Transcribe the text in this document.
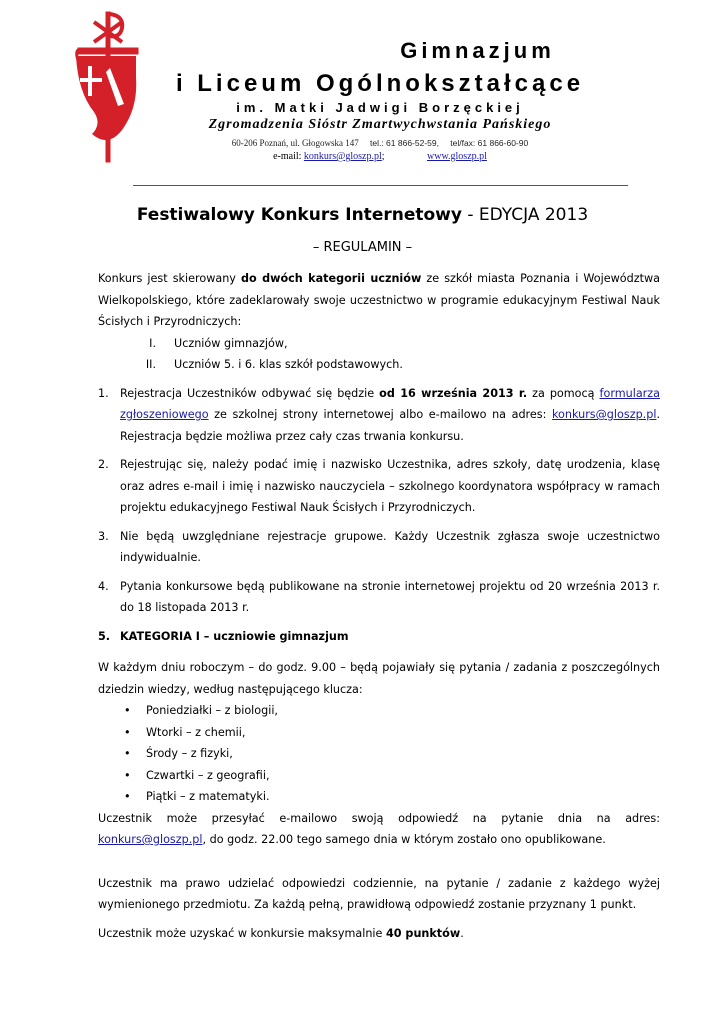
Gimnazjum
i Liceum Ogólnokształcące
im. Matki Jadwigi Borzęckiej
Zgromadzenia Sióstr Zmartwychwstania Pańskiego
60-206 Poznań, ul. Głogowska 147 tel.: 61 866-52-59, tel/fax: 61 866-60-90
e-mail: konkurs@gloszp.pl;	www.gloszp.pl
Festiwalowy Konkurs Internetowy - EDYCJA 2013
– REGULAMIN –

Konkurs jest skierowany do dwóch kategorii uczniów ze szkół miasta Poznania i Województwa Wielkopolskiego, które zadeklarowały swoje uczestnictwo w programie edukacyjnym Festiwal Nauk Ścisłych i Przyrodniczych:

I. Uczniów gimnazjów,
II. Uczniów 5. i 6. klas szkół podstawowych.
1. Rejestracja Uczestników odbywać się będzie od 16 września 2013 r. za pomocą formularza zgłoszeniowego ze szkolnej strony internetowej albo e-mailowo na adres: konkurs@gloszp.pl. Rejestracja będzie możliwa przez cały czas trwania konkursu.
2. Rejestrując się, należy podać imię i nazwisko Uczestnika, adres szkoły, datę urodzenia, klasę oraz adres e-mail i imię i nazwisko nauczyciela – szkolnego koordynatora współpracy w ramach projektu edukacyjnego Festiwal Nauk Ścisłych i Przyrodniczych.
3. Nie będą uwzględniane rejestracje grupowe. Każdy Uczestnik zgłasza swoje uczestnictwo indywidualnie.
4. Pytania konkursowe będą publikowane na stronie internetowej projektu od 20 września 2013 r. do 18 listopada 2013 r.
5. KATEGORIA I – uczniowie gimnazjum

W każdym dniu roboczym – do godz. 9.00 – będą pojawiały się pytania / zadania z poszczególnych dziedzin wiedzy, według następującego klucza:

• Poniedziałki – z biologii,
• Wtorki – z chemii,
• Środy – z fizyki,
• Czwartki – z geografii,
• Piątki – z matematyki.

Uczestnik może przesyłać e-mailowo swoją odpowiedź na pytanie dnia na adres: konkurs@gloszp.pl, do godz. 22.00 tego samego dnia w którym zostało ono opublikowane.

Uczestnik ma prawo udzielać odpowiedzi codziennie, na pytanie / zadanie z każdego wyżej wymienionego przedmiotu. Za każdą pełną, prawidłową odpowiedź zostanie przyznany 1 punkt.

Uczestnik może uzyskać w konkursie maksymalnie 40 punktów.
